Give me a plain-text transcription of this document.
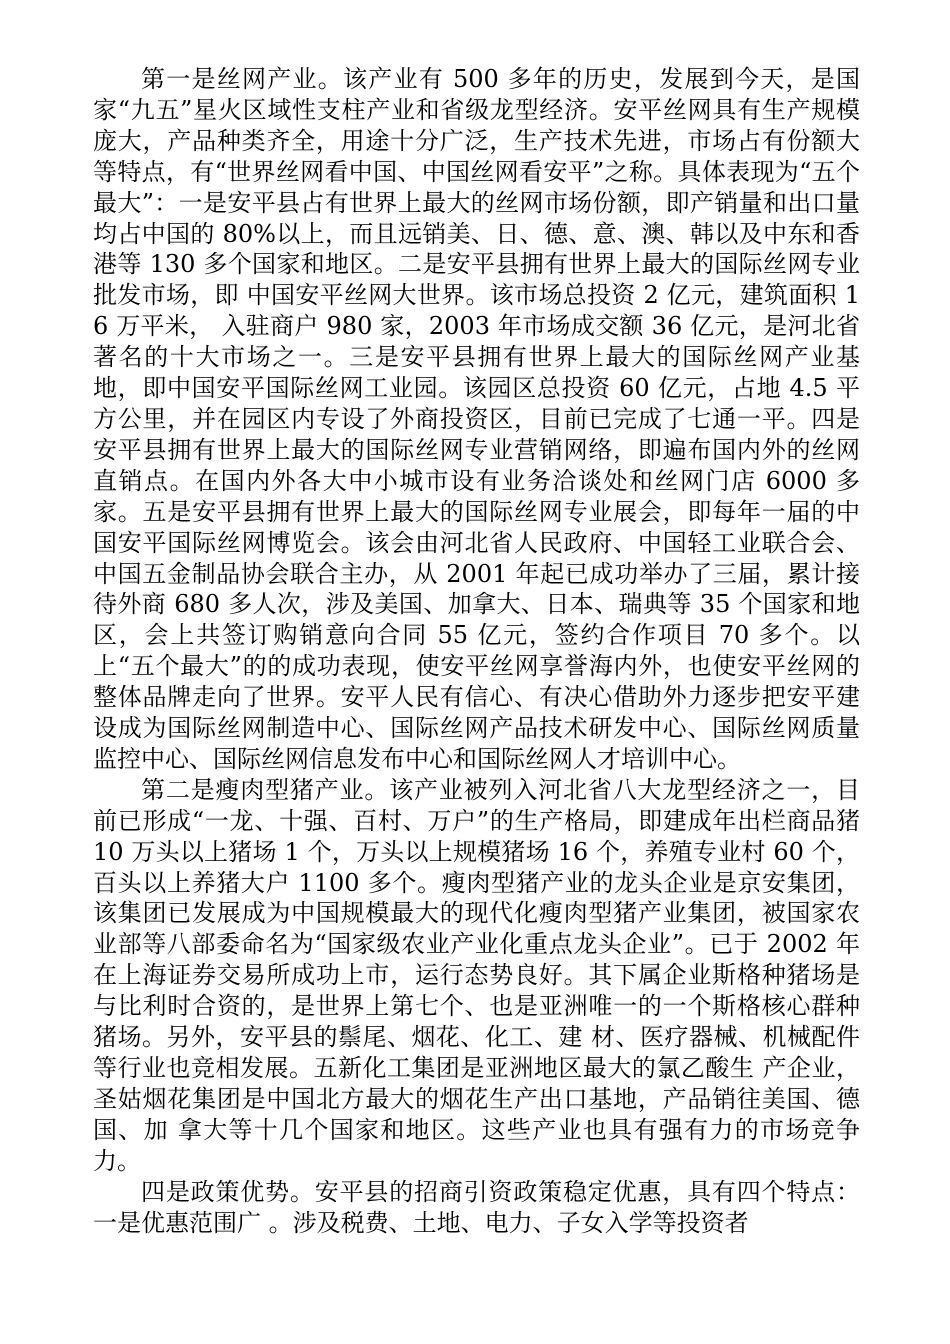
第一是丝网产业。该产业有 500 多年的历史，发展到今天，是国家“九五”星火区域性支柱产业和省级龙型经济。安平丝网具有生产规模庞大，产品种类齐全，用途十分广泛，生产技术先进，市场占有份额大等特点，有“世界丝网看中国、中国丝网看安平”之称。具体表现为“五个最大”：一是安平县占有世界上最大的丝网市场份额，即产销量和出口量均占中国的 80%以上，而且远销美、日、德、意、澳、韩以及中东和香港等 130 多个国家和地区。二是安平县拥有世界上最大的国际丝网专业批发市场，即 中国安平丝网大世界。该市场总投资 2 亿元，建筑面积 16 万平米， 入驻商户 980 家，2003 年市场成交额 36 亿元，是河北省著名的十大市场之一。三是安平县拥有世界上最大的国际丝网产业基地，即中国安平国际丝网工业园。该园区总投资 60 亿元，占地 4.5 平方公里，并在园区内专设了外商投资区，目前已完成了七通一平。四是安平县拥有世界上最大的国际丝网专业营销网络，即遍布国内外的丝网直销点。在国内外各大中小城市设有业务洽谈处和丝网门店 6000 多家。五是安平县拥有世界上最大的国际丝网专业展会，即每年一届的中国安平国际丝网博览会。该会由河北省人民政府、中国轻工业联合会、中国五金制品协会联合主办，从 2001 年起已成功举办了三届，累计接待外商 680 多人次，涉及美国、加拿大、日本、瑞典等 35 个国家和地区，会上共签订购销意向合同 55 亿元，签约合作项目 70 多个。以上“五个最大”的的成功表现，使安平丝网享誉海内外，也使安平丝网的整体品牌走向了世界。安平人民有信心、有决心借助外力逐步把安平建设成为国际丝网制造中心、国际丝网产品技术研发中心、国际丝网质量监控中心、国际丝网信息发布中心和国际丝网人才培训中心。

第二是瘦肉型猪产业。该产业被列入河北省八大龙型经济之一，目前已形成“一龙、十强、百村、万户”的生产格局，即建成年出栏商品猪 10 万头以上猪场 1 个，万头以上规模猪场 16 个，养殖专业村 60 个，百头以上养猪大户 1100 多个。瘦肉型猪产业的龙头企业是京安集团，该集团已发展成为中国规模最大的现代化瘦肉型猪产业集团，被国家农业部等八部委命名为“国家级农业产业化重点龙头企业”。已于 2002 年在上海证券交易所成功上市，运行态势良好。其下属企业斯格种猪场是与比利时合资的，是世界上第七个、也是亚洲唯一的一个斯格核心群种猪场。另外，安平县的鬃尾、烟花、化工、建 材、医疗器械、机械配件等行业也竞相发展。五新化工集团是亚洲地区最大的氯乙酸生 产企业，圣姑烟花集团是中国北方最大的烟花生产出口基地，产品销往美国、德国、加 拿大等十几个国家和地区。这些产业也具有强有力的市场竞争力。

四是政策优势。安平县的招商引资政策稳定优惠，具有四个特点：一是优惠范围广 。涉及税费、土地、电力、子女入学等投资者
